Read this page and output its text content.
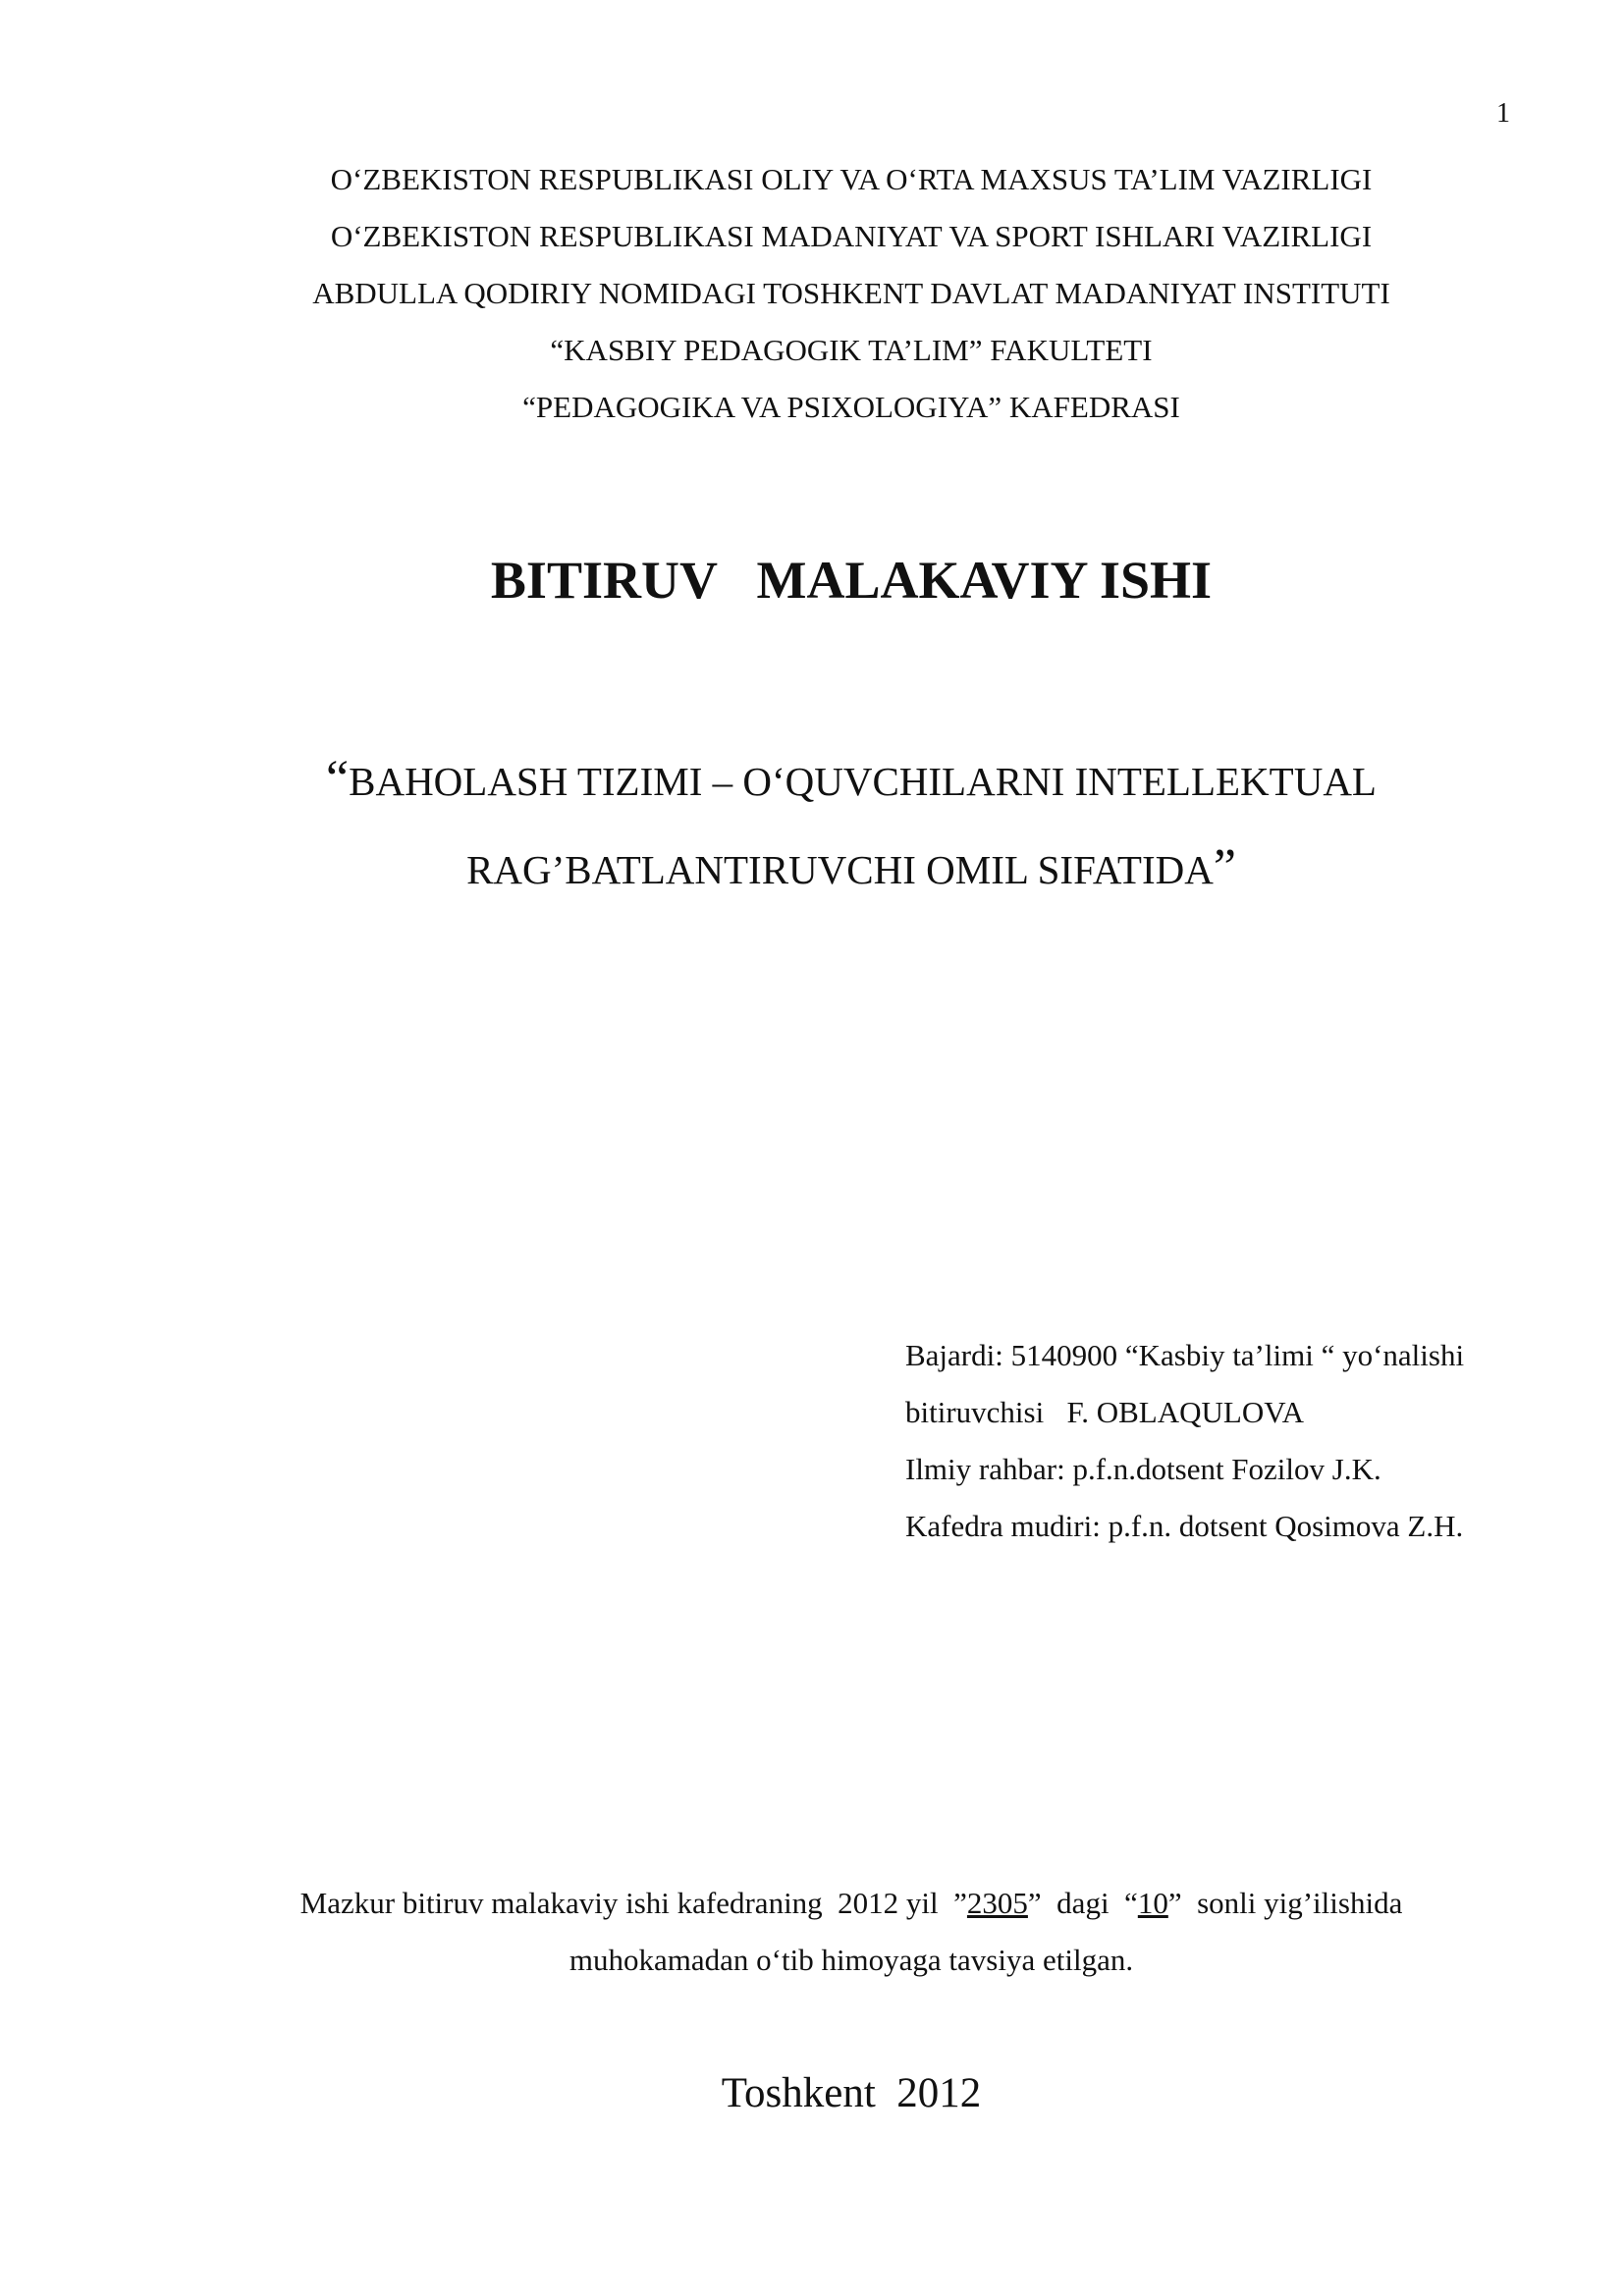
1
O‘ZBEKISTON RESPUBLIKASI OLIY VA O‘RTA MAXSUS TA’LIM VAZIRLIGI
O‘ZBEKISTON RESPUBLIKASI MADANIYAT VA SPORT ISHLARI VAZIRLIGI
ABDULLA QODIRIY NOMIDAGI TOSHKENT DAVLAT MADANIYAT INSTITUTI
“KASBIY PEDAGOGIK TA’LIM” FAKULTETI
“PEDAGOGIKA VA PSIXOLOGIYA” KAFEDRASI
BITIRUV   MALAKAVIY ISHI
“BAHOLASH TIZIMI – O‘QUVCHILARNI INTELLEKTUAL
RAG’BATLANTIRUVCHI OMIL SIFATIDA”
Bajardi: 5140900 “Kasbiy ta’limi “ yo‘nalishi
bitiruvchisi   F. OBLAQULOVA
Ilmiy rahbar: p.f.n.dotsent Fozilov J.K.
Kafedra mudiri: p.f.n. dotsent Qosimova Z.H.
Mazkur bitiruv malakaviy ishi kafedraning  2012 yil  ”2305”  dagi  “10”  sonli yig’ilishida
muhokamadan o‘tib himoyaga tavsiya etilgan.
Toshkent  2012
